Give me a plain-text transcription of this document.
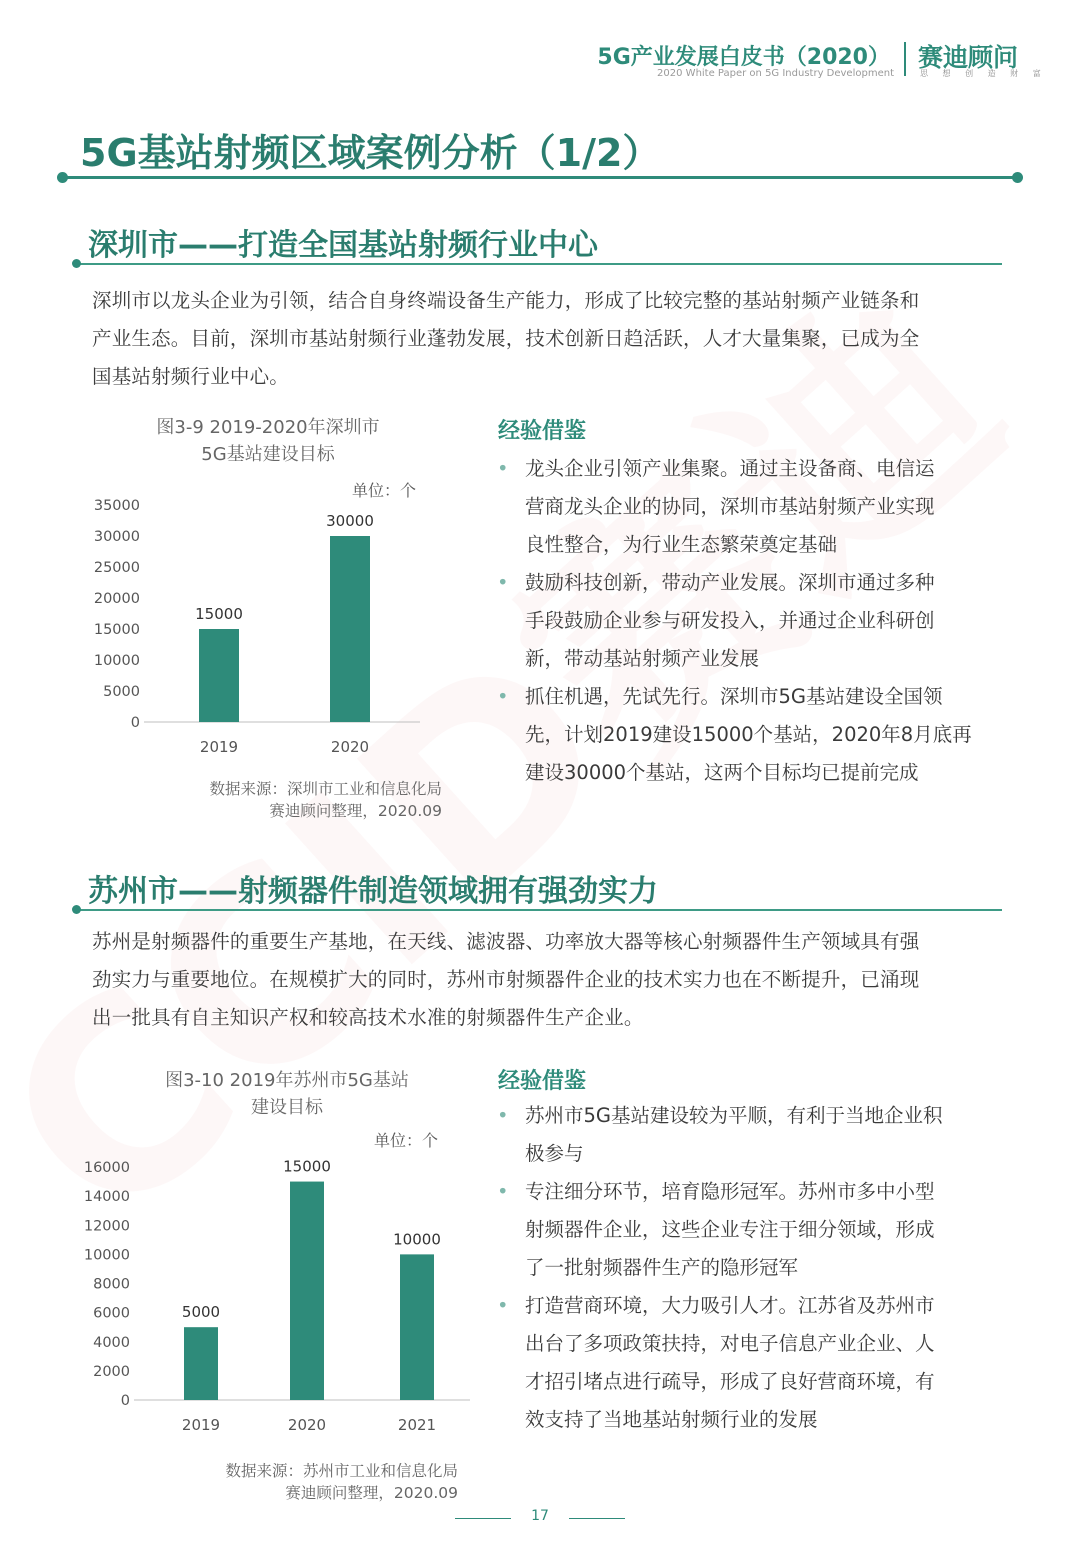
5G产业发展白皮书（2020）
2020 White Paper on 5G Industry Development
赛迪顾问
思 想 创 造 财 富
5G基站射频区域案例分析（1/2）
深圳市——打造全国基站射频行业中心

深圳市以龙头企业为引领，结合自身终端设备生产能力，形成了比较完整的基站射频产业链条和
产业生态。目前，深圳市基站射频行业蓬勃发展，技术创新日趋活跃，人才大量集聚，已成为全
国基站射频行业中心。

图3-9 2019-2020年深圳市
5G基站建设目标
单位：个
0
5000
10000
15000
20000
25000
30000
35000
15000
2019
30000
2020
数据来源：深圳市工业和信息化局
赛迪顾问整理，2020.09
经验借鉴
• 龙头企业引领产业集聚。通过主设备商、电信运
营商龙头企业的协同，深圳市基站射频产业实现
良性整合，为行业生态繁荣奠定基础
• 鼓励科技创新，带动产业发展。深圳市通过多种
手段鼓励企业参与研发投入，并通过企业科研创
新，带动基站射频产业发展
• 抓住机遇，先试先行。深圳市5G基站建设全国领
先，计划2019建设15000个基站，2020年8月底再
建设30000个基站，这两个目标均已提前完成
苏州市——射频器件制造领域拥有强劲实力

苏州是射频器件的重要生产基地，在天线、滤波器、功率放大器等核心射频器件生产领域具有强
劲实力与重要地位。在规模扩大的同时，苏州市射频器件企业的技术实力也在不断提升，已涌现
出一批具有自主知识产权和较高技术水准的射频器件生产企业。

图3-10 2019年苏州市5G基站
建设目标
单位：个
0
2000
4000
6000
8000
10000
12000
14000
16000
5000
2019
15000
2020
10000
2021
数据来源：苏州市工业和信息化局
赛迪顾问整理，2020.09
经验借鉴
• 苏州市5G基站建设较为平顺，有利于当地企业积
极参与
• 专注细分环节，培育隐形冠军。苏州市多中小型
射频器件企业，这些企业专注于细分领域，形成
了一批射频器件生产的隐形冠军
• 打造营商环境，大力吸引人才。江苏省及苏州市
出台了多项政策扶持，对电子信息产业企业、人
才招引堵点进行疏导，形成了良好营商环境，有
效支持了当地基站射频行业的发展
17
